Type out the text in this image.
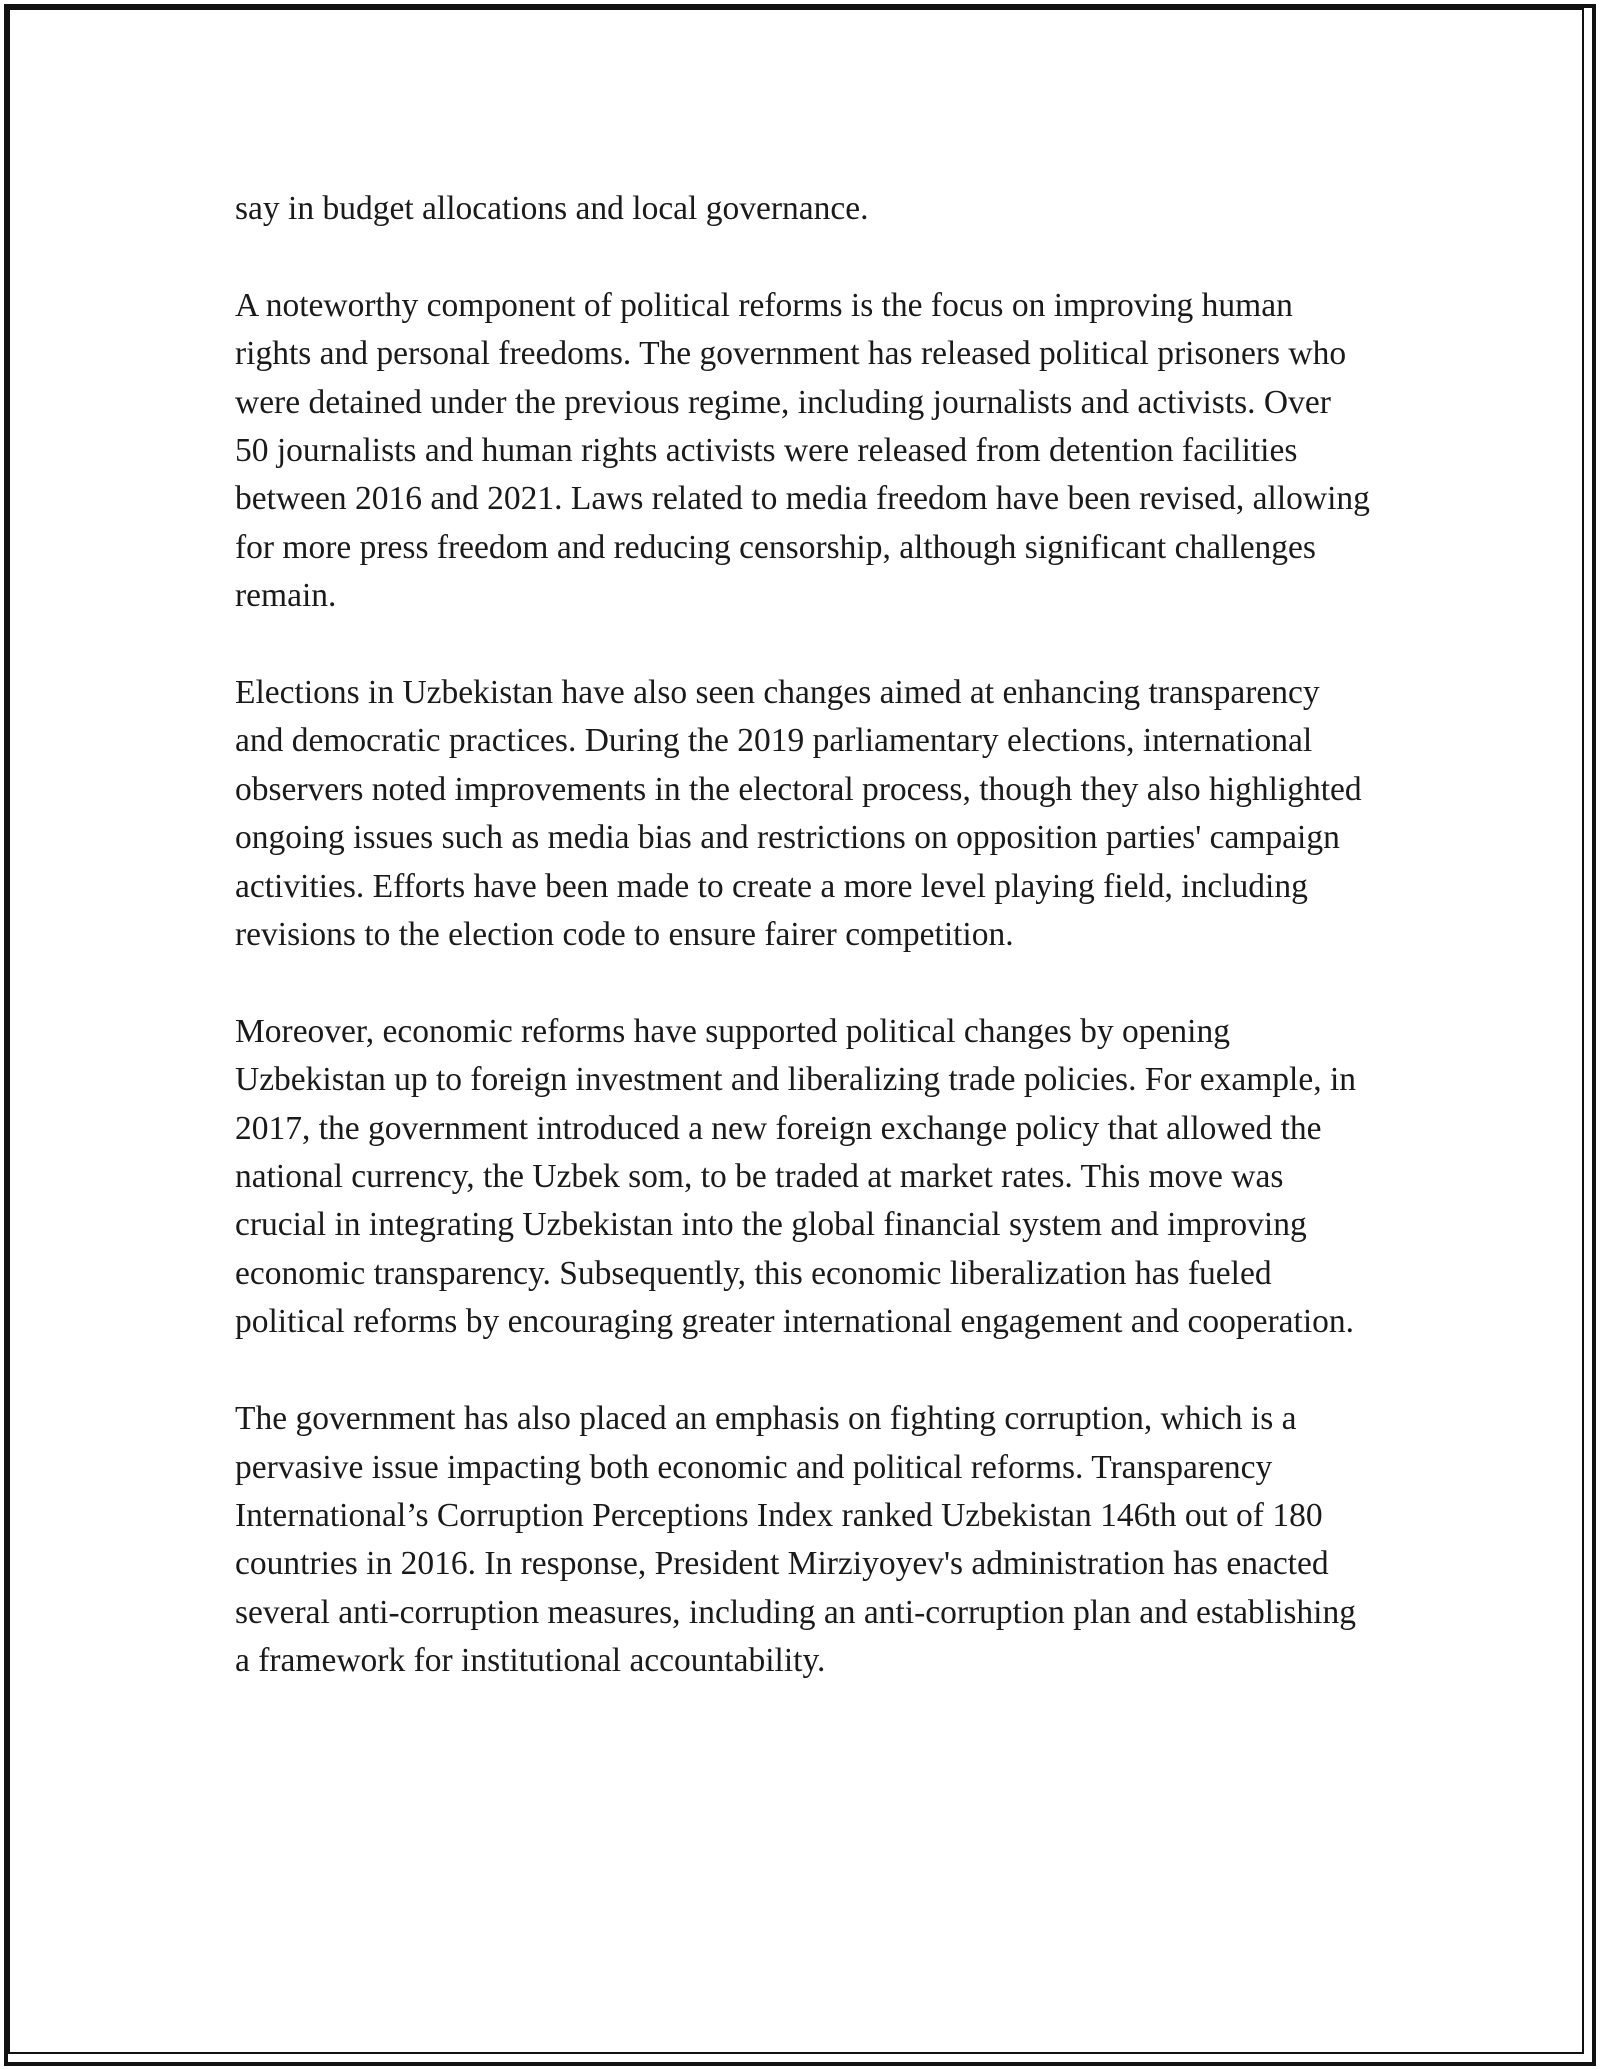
say in budget allocations and local governance.

A noteworthy component of political reforms is the focus on improving human rights and personal freedoms. The government has released political prisoners who were detained under the previous regime, including journalists and activists. Over 50 journalists and human rights activists were released from detention facilities between 2016 and 2021. Laws related to media freedom have been revised, allowing for more press freedom and reducing censorship, although significant challenges remain.

Elections in Uzbekistan have also seen changes aimed at enhancing transparency and democratic practices. During the 2019 parliamentary elections, international observers noted improvements in the electoral process, though they also highlighted ongoing issues such as media bias and restrictions on opposition parties' campaign activities. Efforts have been made to create a more level playing field, including revisions to the election code to ensure fairer competition.

Moreover, economic reforms have supported political changes by opening Uzbekistan up to foreign investment and liberalizing trade policies. For example, in 2017, the government introduced a new foreign exchange policy that allowed the national currency, the Uzbek som, to be traded at market rates. This move was crucial in integrating Uzbekistan into the global financial system and improving economic transparency. Subsequently, this economic liberalization has fueled political reforms by encouraging greater international engagement and cooperation.

The government has also placed an emphasis on fighting corruption, which is a pervasive issue impacting both economic and political reforms. Transparency International’s Corruption Perceptions Index ranked Uzbekistan 146th out of 180 countries in 2016. In response, President Mirziyoyev's administration has enacted several anti-corruption measures, including an anti-corruption plan and establishing a framework for institutional accountability.
